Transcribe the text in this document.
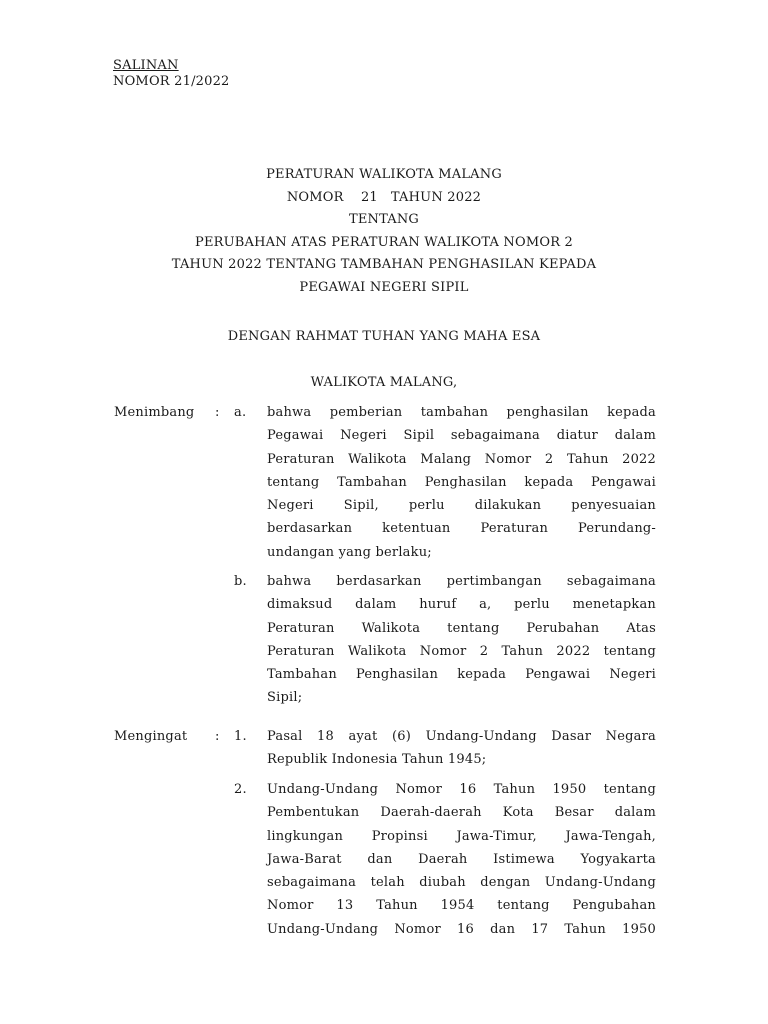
SALINAN
NOMOR 21/2022
PERATURAN WALIKOTA MALANG
NOMOR    21   TAHUN 2022
TENTANG
PERUBAHAN ATAS PERATURAN WALIKOTA NOMOR 2
TAHUN 2022 TENTANG TAMBAHAN PENGHASILAN KEPADA
PEGAWAI NEGERI SIPIL
DENGAN RAHMAT TUHAN YANG MAHA ESA
WALIKOTA MALANG,
Menimbang : a. bahwa pemberian tambahan penghasilan kepada
Pegawai Negeri Sipil sebagaimana diatur dalam
Peraturan Walikota Malang Nomor 2 Tahun 2022
tentang Tambahan Penghasilan kepada Pengawai
Negeri Sipil, perlu dilakukan penyesuaian
berdasarkan ketentuan Peraturan Perundang-
undangan yang berlaku;
b. bahwa berdasarkan pertimbangan sebagaimana
dimaksud dalam huruf a, perlu menetapkan
Peraturan Walikota tentang Perubahan Atas
Peraturan Walikota Nomor 2 Tahun 2022 tentang
Tambahan Penghasilan kepada Pengawai Negeri
Sipil;
Mengingat : 1. Pasal 18 ayat (6) Undang-Undang Dasar Negara
Republik Indonesia Tahun 1945;
2. Undang-Undang Nomor 16 Tahun 1950 tentang
Pembentukan Daerah-daerah Kota Besar dalam
lingkungan Propinsi Jawa-Timur, Jawa-Tengah,
Jawa-Barat dan Daerah Istimewa Yogyakarta
sebagaimana telah diubah dengan Undang-Undang
Nomor 13 Tahun 1954 tentang Pengubahan
Undang-Undang Nomor 16 dan 17 Tahun 1950
